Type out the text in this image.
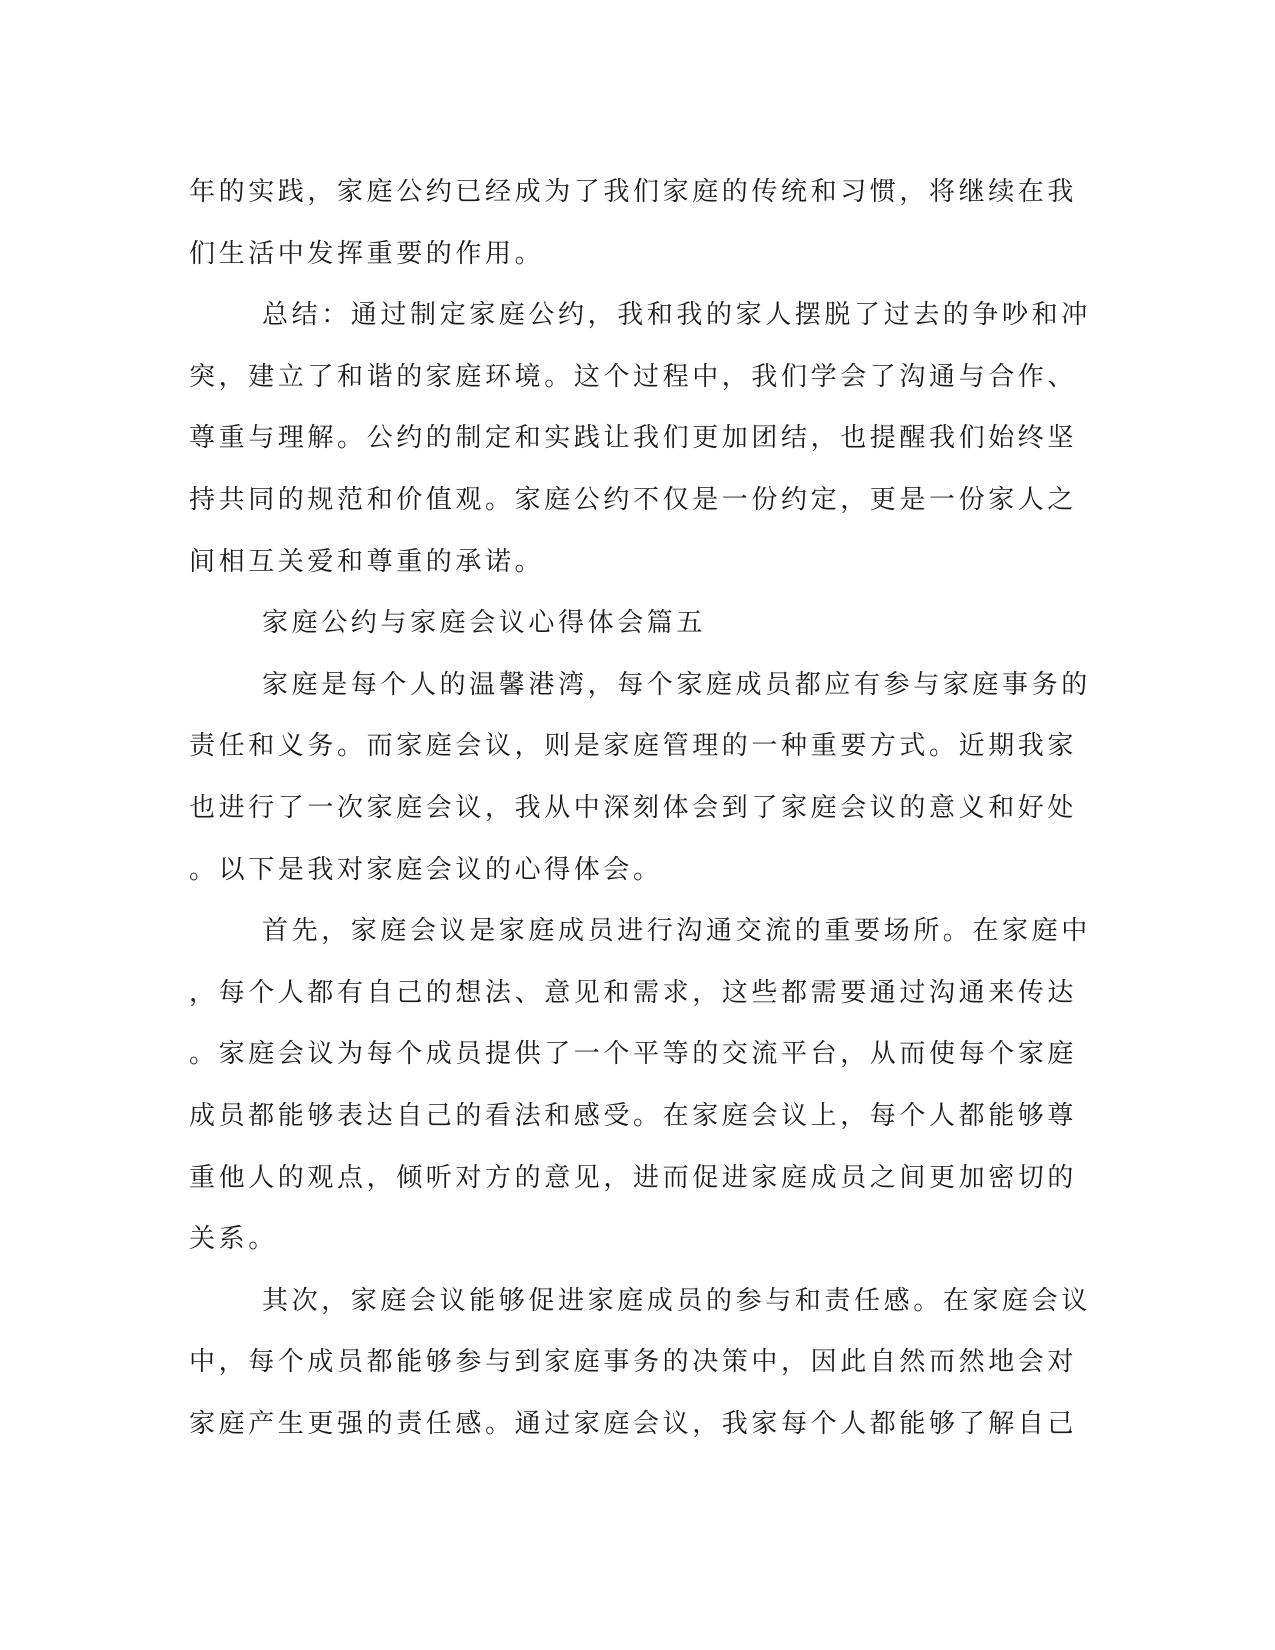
年的实践，家庭公约已经成为了我们家庭的传统和习惯，将继续在我
们生活中发挥重要的作用。
总结：通过制定家庭公约，我和我的家人摆脱了过去的争吵和冲
突，建立了和谐的家庭环境。这个过程中，我们学会了沟通与合作、
尊重与理解。公约的制定和实践让我们更加团结，也提醒我们始终坚
持共同的规范和价值观。家庭公约不仅是一份约定，更是一份家人之
间相互关爱和尊重的承诺。
家庭公约与家庭会议心得体会篇五
家庭是每个人的温馨港湾，每个家庭成员都应有参与家庭事务的
责任和义务。而家庭会议，则是家庭管理的一种重要方式。近期我家
也进行了一次家庭会议，我从中深刻体会到了家庭会议的意义和好处
。以下是我对家庭会议的心得体会。
首先，家庭会议是家庭成员进行沟通交流的重要场所。在家庭中
，每个人都有自己的想法、意见和需求，这些都需要通过沟通来传达
。家庭会议为每个成员提供了一个平等的交流平台，从而使每个家庭
成员都能够表达自己的看法和感受。在家庭会议上，每个人都能够尊
重他人的观点，倾听对方的意见，进而促进家庭成员之间更加密切的
关系。
其次，家庭会议能够促进家庭成员的参与和责任感。在家庭会议
中，每个成员都能够参与到家庭事务的决策中，因此自然而然地会对
家庭产生更强的责任感。通过家庭会议，我家每个人都能够了解自己
